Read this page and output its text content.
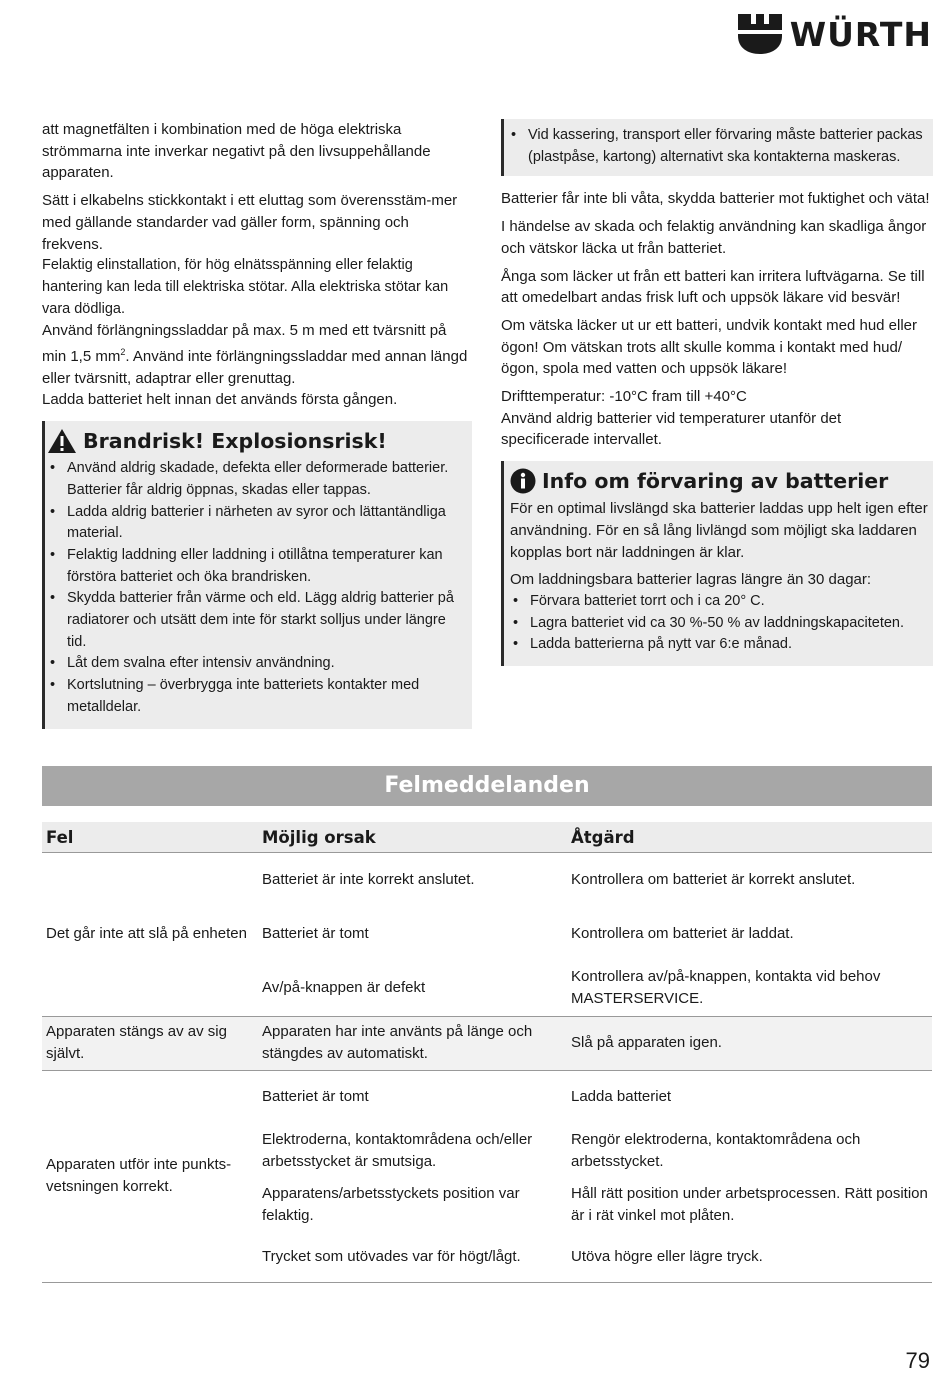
WÜRTH

att magnetfälten i kombination med de höga elektriska strömmarna inte inverkar negativt på den livsuppehållande apparaten.

Sätt i elkabelns stickkontakt i ett eluttag som överensstäm-mer med gällande standarder vad gäller form, spänning och frekvens.

Felaktig elinstallation, för hög elnätsspänning eller felaktig hantering kan leda till elektriska stötar. Alla elektriska stötar kan vara dödliga.

Använd förlängningssladdar på max. 5 m med ett tvärsnitt på min 1,5 $mm^2$. Använd inte förlängningssladdar med annan längd eller tvärsnitt, adaptrar eller grenuttag.

Ladda batteriet helt innan det används första gången.

Brandrisk! Explosionsrisk!
• Använd aldrig skadade, defekta eller deformerade batterier. Batterier får aldrig öppnas, skadas eller tappas.
• Ladda aldrig batterier i närheten av syror och lättantändliga material.
• Felaktig laddning eller laddning i otillåtna temperaturer kan förstöra batteriet och öka brandrisken.
• Skydda batterier från värme och eld. Lägg aldrig batterier på radiatorer och utsätt dem inte för starkt solljus under längre tid.
• Låt dem svalna efter intensiv användning.
• Kortslutning – överbrygga inte batteriets kontakter med metalldelar.
• Vid kassering, transport eller förvaring måste batterier packas (plastpåse, kartong) alternativt ska kontakterna maskeras.

Batterier får inte bli våta, skydda batterier mot fuktighet och väta!

I händelse av skada och felaktig användning kan skadliga ångor och vätskor läcka ut från batteriet.

Ånga som läcker ut från ett batteri kan irritera luftvägarna. Se till att omedelbart andas frisk luft och uppsök läkare vid besvär!

Om vätska läcker ut ur ett batteri, undvik kontakt med hud eller ögon! Om vätskan trots allt skulle komma i kontakt med hud/ögon, spola med vatten och uppsök läkare!

Drifttemperatur: -10°C fram till +40°C

Använd aldrig batterier vid temperaturer utanför det specificerade intervallet.

Info om förvaring av batterier

För en optimal livslängd ska batterier laddas upp helt igen efter användning. För en så lång livlängd som möjligt ska laddaren kopplas bort när laddningen är klar.

Om laddningsbara batterier lagras längre än 30 dagar:

• Förvara batteriet torrt och i ca 20° C.
• Lagra batteriet vid ca 30 %-50 % av laddningskapaciteten.
• Ladda batterierna på nytt var 6:e månad.
Felmeddelanden
Fel	Möjlig orsak	Åtgärd
Det går inte att slå på enheten	Batteriet är inte korrekt anslutet.	Kontrollera om batteriet är korrekt anslutet.
	Batteriet är tomt	Kontrollera om batteriet är laddat.
	Av/på-knappen är defekt	Kontrollera av/på-knappen, kontakta vid behov MASTERSERVICE.
Apparaten stängs av av sig självt.	Apparaten har inte använts på länge och stängdes av automatiskt.	Slå på apparaten igen.
Apparaten utför inte punkts-vetsningen korrekt.	Batteriet är tomt	Ladda batteriet
	Elektroderna, kontaktområdena och/eller arbetsstycket är smutsiga.	Rengör elektroderna, kontaktområdena och arbetsstycket.
	Apparatens/arbetsstyckets position var felaktig.	Håll rätt position under arbetsprocessen. Rätt position är i rät vinkel mot plåten.
	Trycket som utövades var för högt/lågt.	Utöva högre eller lägre tryck.
79
